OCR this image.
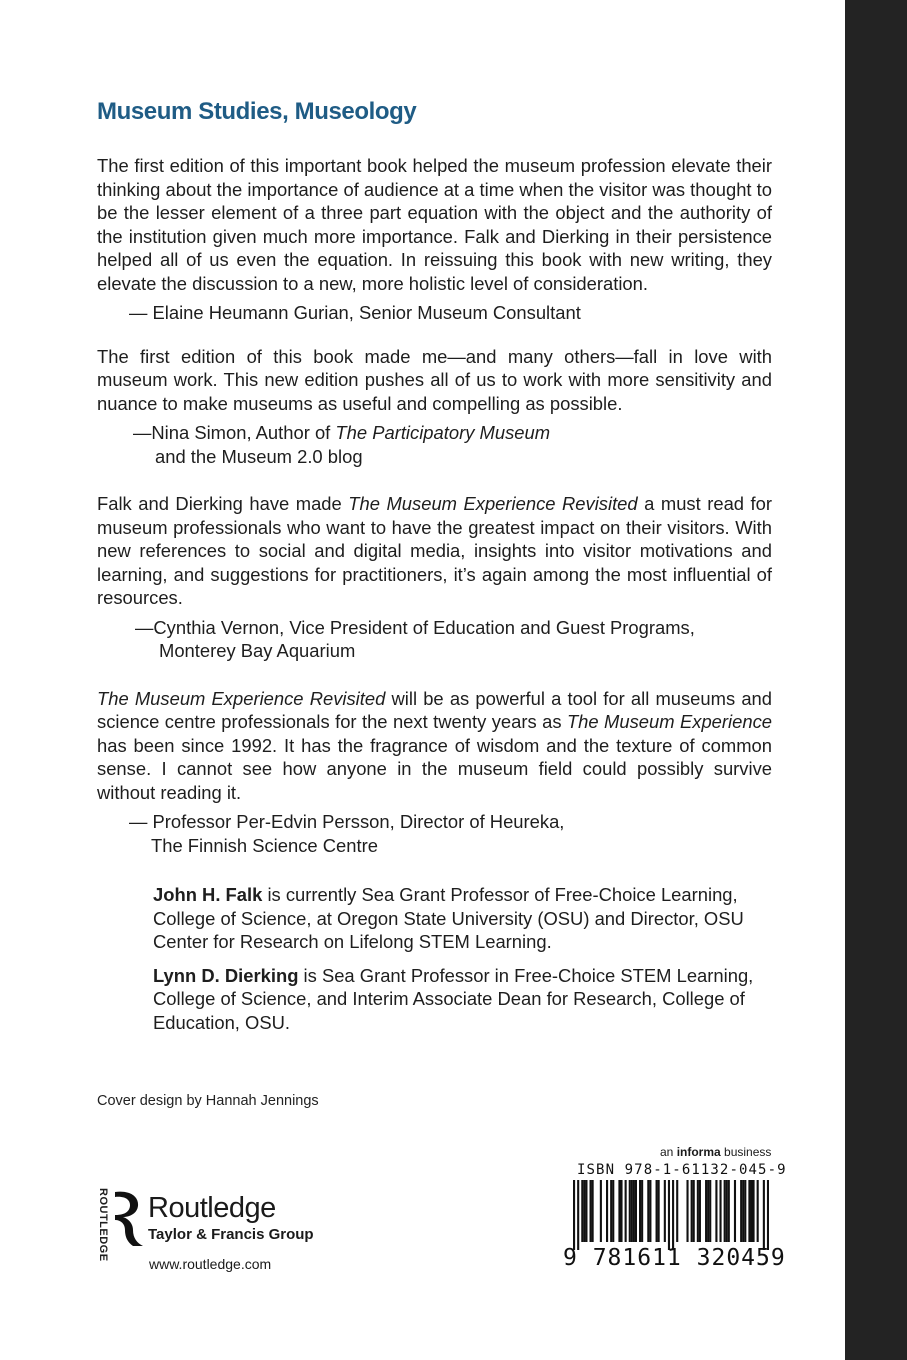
Museum Studies, Museology

The first edition of this important book helped the museum profession elevate their thinking about the importance of audience at a time when the visitor was thought to be the lesser element of a three part equation with the object and the authority of the institution given much more importance. Falk and Dierking in their persistence helped all of us even the equation. In reissuing this book with new writing, they elevate the discussion to a new, more holistic level of consideration.

— Elaine Heumann Gurian, Senior Museum Consultant

The first edition of this book made me—and many others—fall in love with museum work. This new edition pushes all of us to work with more sensitivity and nuance to make museums as useful and compelling as possible.

—Nina Simon, Author of The Participatory Museum

and the Museum 2.0 blog

Falk and Dierking have made The Museum Experience Revisited a must read for museum professionals who want to have the greatest impact on their visitors. With new references to social and digital media, insights into visitor motivations and learning, and suggestions for practitioners, it’s again among the most influential of resources.

—Cynthia Vernon, Vice President of Education and Guest Programs,

Monterey Bay Aquarium

The Museum Experience Revisited will be as powerful a tool for all museums and science centre professionals for the next twenty years as The Museum Experience has been since 1992. It has the fragrance of wisdom and the texture of common sense. I cannot see how anyone in the museum field could possibly survive without reading it.

— Professor Per-Edvin Persson, Director of Heureka,

The Finnish Science Centre

John H. Falk is currently Sea Grant Professor of Free-Choice Learning, College of Science, at Oregon State University (OSU) and Director, OSU Center for Research on Lifelong STEM Learning.

Lynn D. Dierking is Sea Grant Professor in Free-Choice STEM Learning, College of Science, and Interim Associate Dean for Research, College of Education, OSU.

Cover design by Hannah Jennings
ROUTLEDGE Routledge
Taylor & Francis Group
www.routledge.com
an informa business
ISBN 978-1-61132-045-9
9 781611 320459
